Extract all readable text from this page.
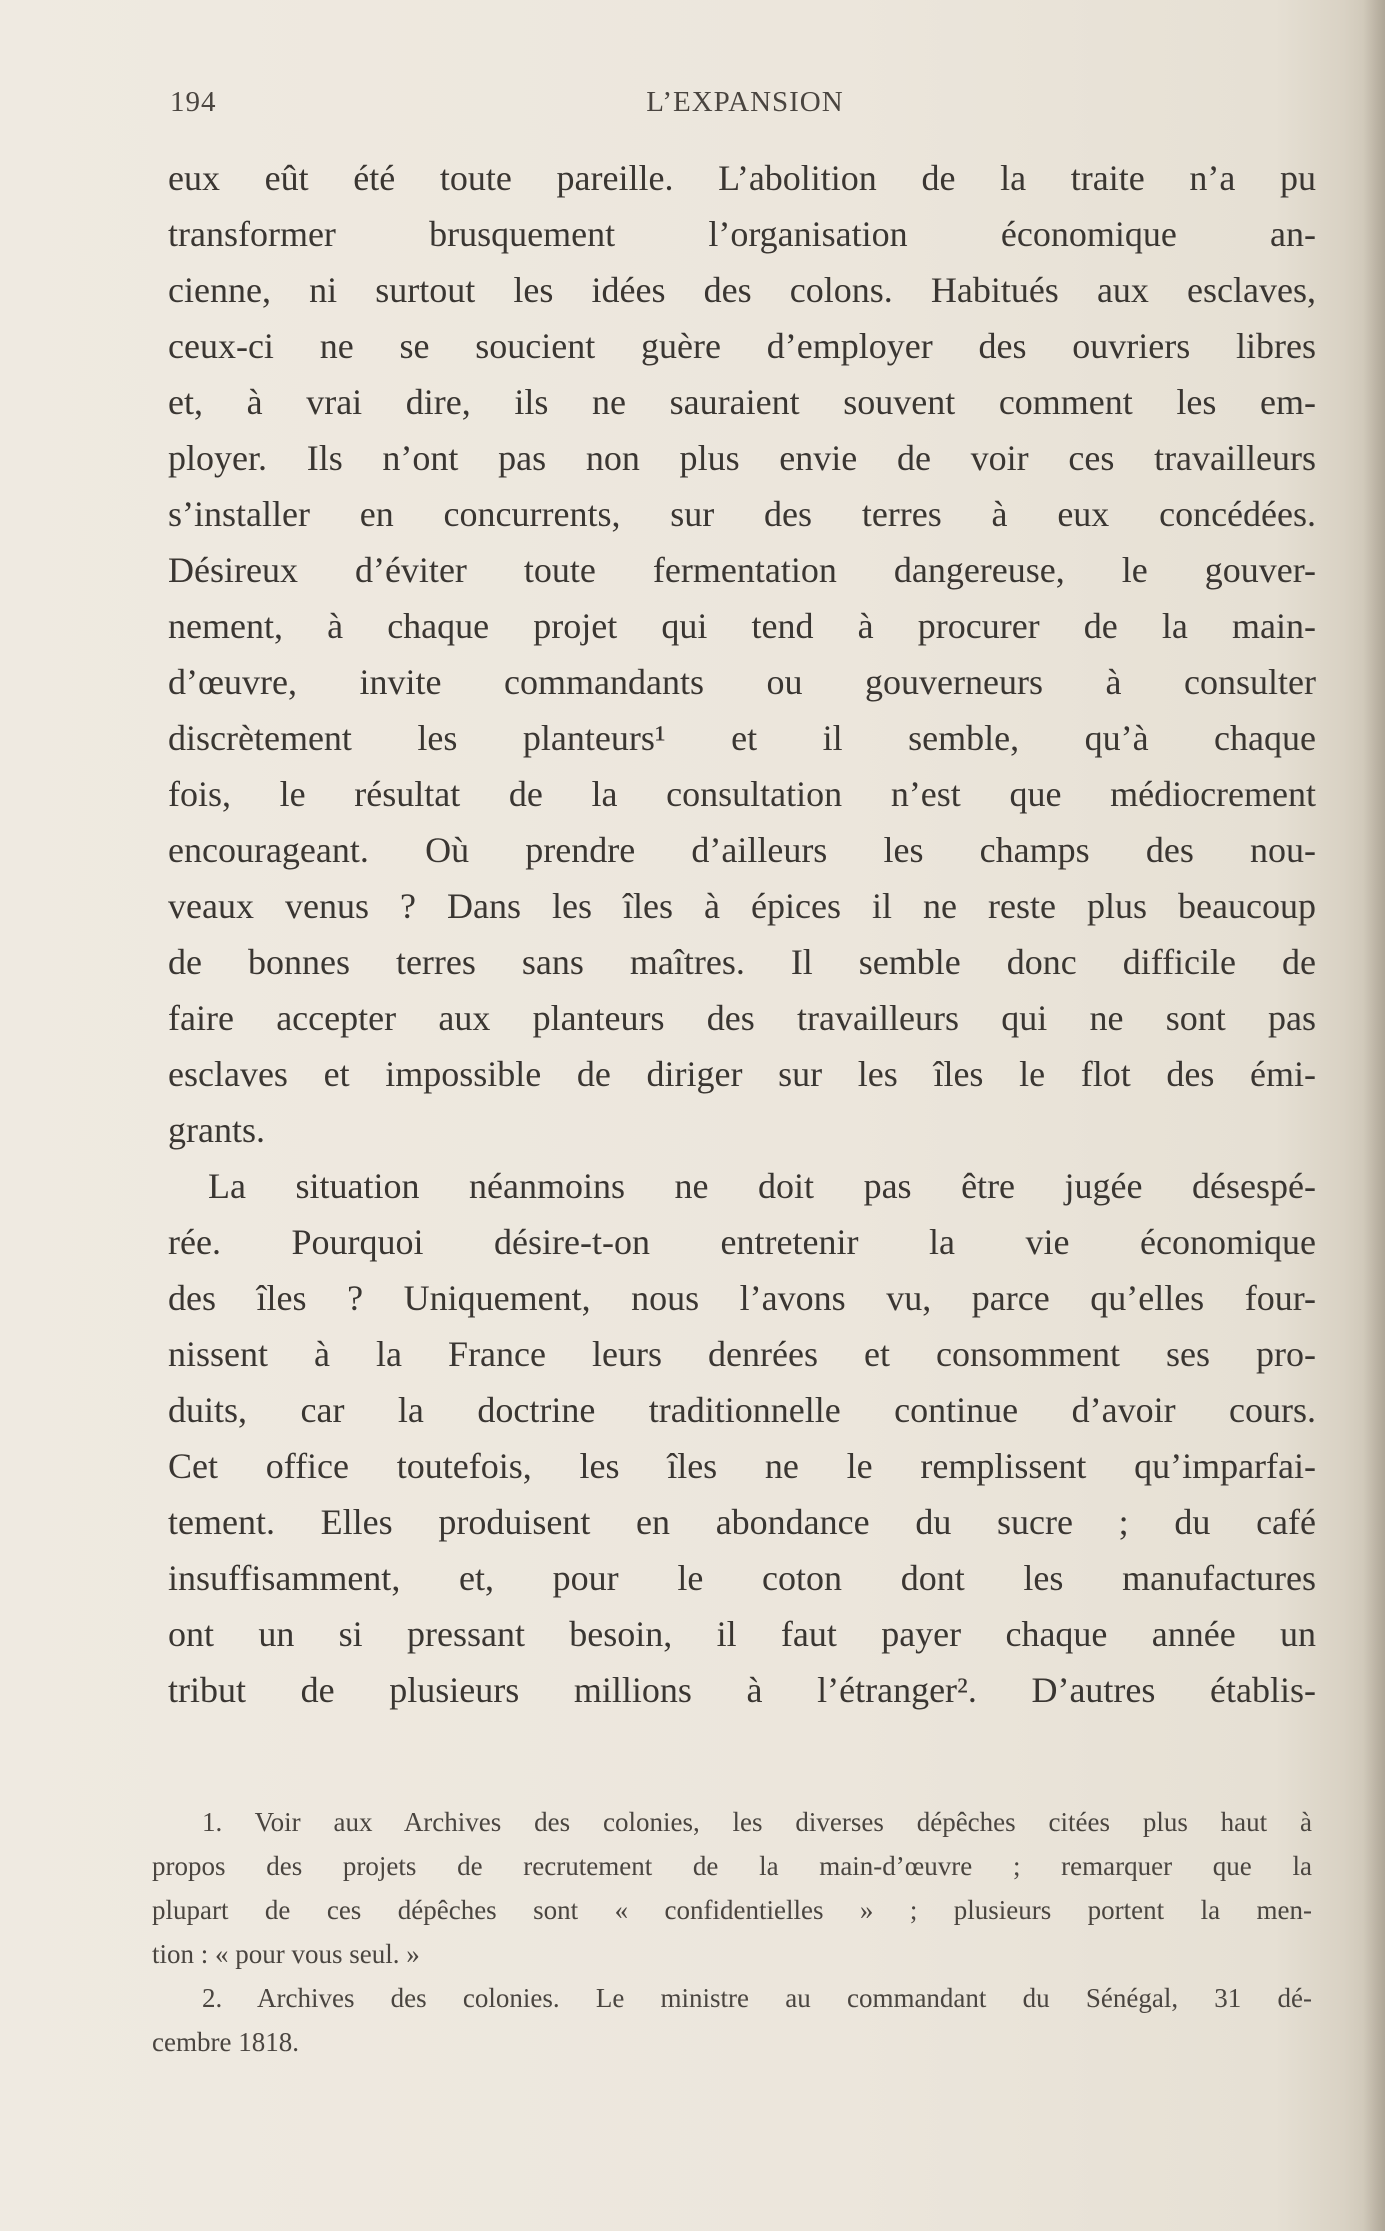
194	L’EXPANSION
eux eût été toute pareille. L’abolition de la traite n’a pu
transformer brusquement l’organisation économique an-
cienne, ni surtout les idées des colons. Habitués aux esclaves,
ceux-ci ne se soucient guère d’employer des ouvriers libres
et, à vrai dire, ils ne sauraient souvent comment les em-
ployer. Ils n’ont pas non plus envie de voir ces travailleurs
s’installer en concurrents, sur des terres à eux concédées.
Désireux d’éviter toute fermentation dangereuse, le gouver-
nement, à chaque projet qui tend à procurer de la main-
d’œuvre, invite commandants ou gouverneurs à consulter
discrètement les planteurs¹ et il semble, qu’à chaque
fois, le résultat de la consultation n’est que médiocrement
encourageant. Où prendre d’ailleurs les champs des nou-
veaux venus ? Dans les îles à épices il ne reste plus beaucoup
de bonnes terres sans maîtres. Il semble donc difficile de
faire accepter aux planteurs des travailleurs qui ne sont pas
esclaves et impossible de diriger sur les îles le flot des émi-
grants.
La situation néanmoins ne doit pas être jugée désespé-
rée. Pourquoi désire-t-on entretenir la vie économique
des îles ? Uniquement, nous l’avons vu, parce qu’elles four-
nissent à la France leurs denrées et consomment ses pro-
duits, car la doctrine traditionnelle continue d’avoir cours.
Cet office toutefois, les îles ne le remplissent qu’imparfai-
tement. Elles produisent en abondance du sucre ; du café
insuffisamment, et, pour le coton dont les manufactures
ont un si pressant besoin, il faut payer chaque année un
tribut de plusieurs millions à l’étranger². D’autres établis-
1. Voir aux Archives des colonies, les diverses dépêches citées plus haut à
propos des projets de recrutement de la main-d’œuvre ; remarquer que la
plupart de ces dépêches sont « confidentielles » ; plusieurs portent la men-
tion : « pour vous seul. »
2. Archives des colonies. Le ministre au commandant du Sénégal, 31 dé-
cembre 1818.
